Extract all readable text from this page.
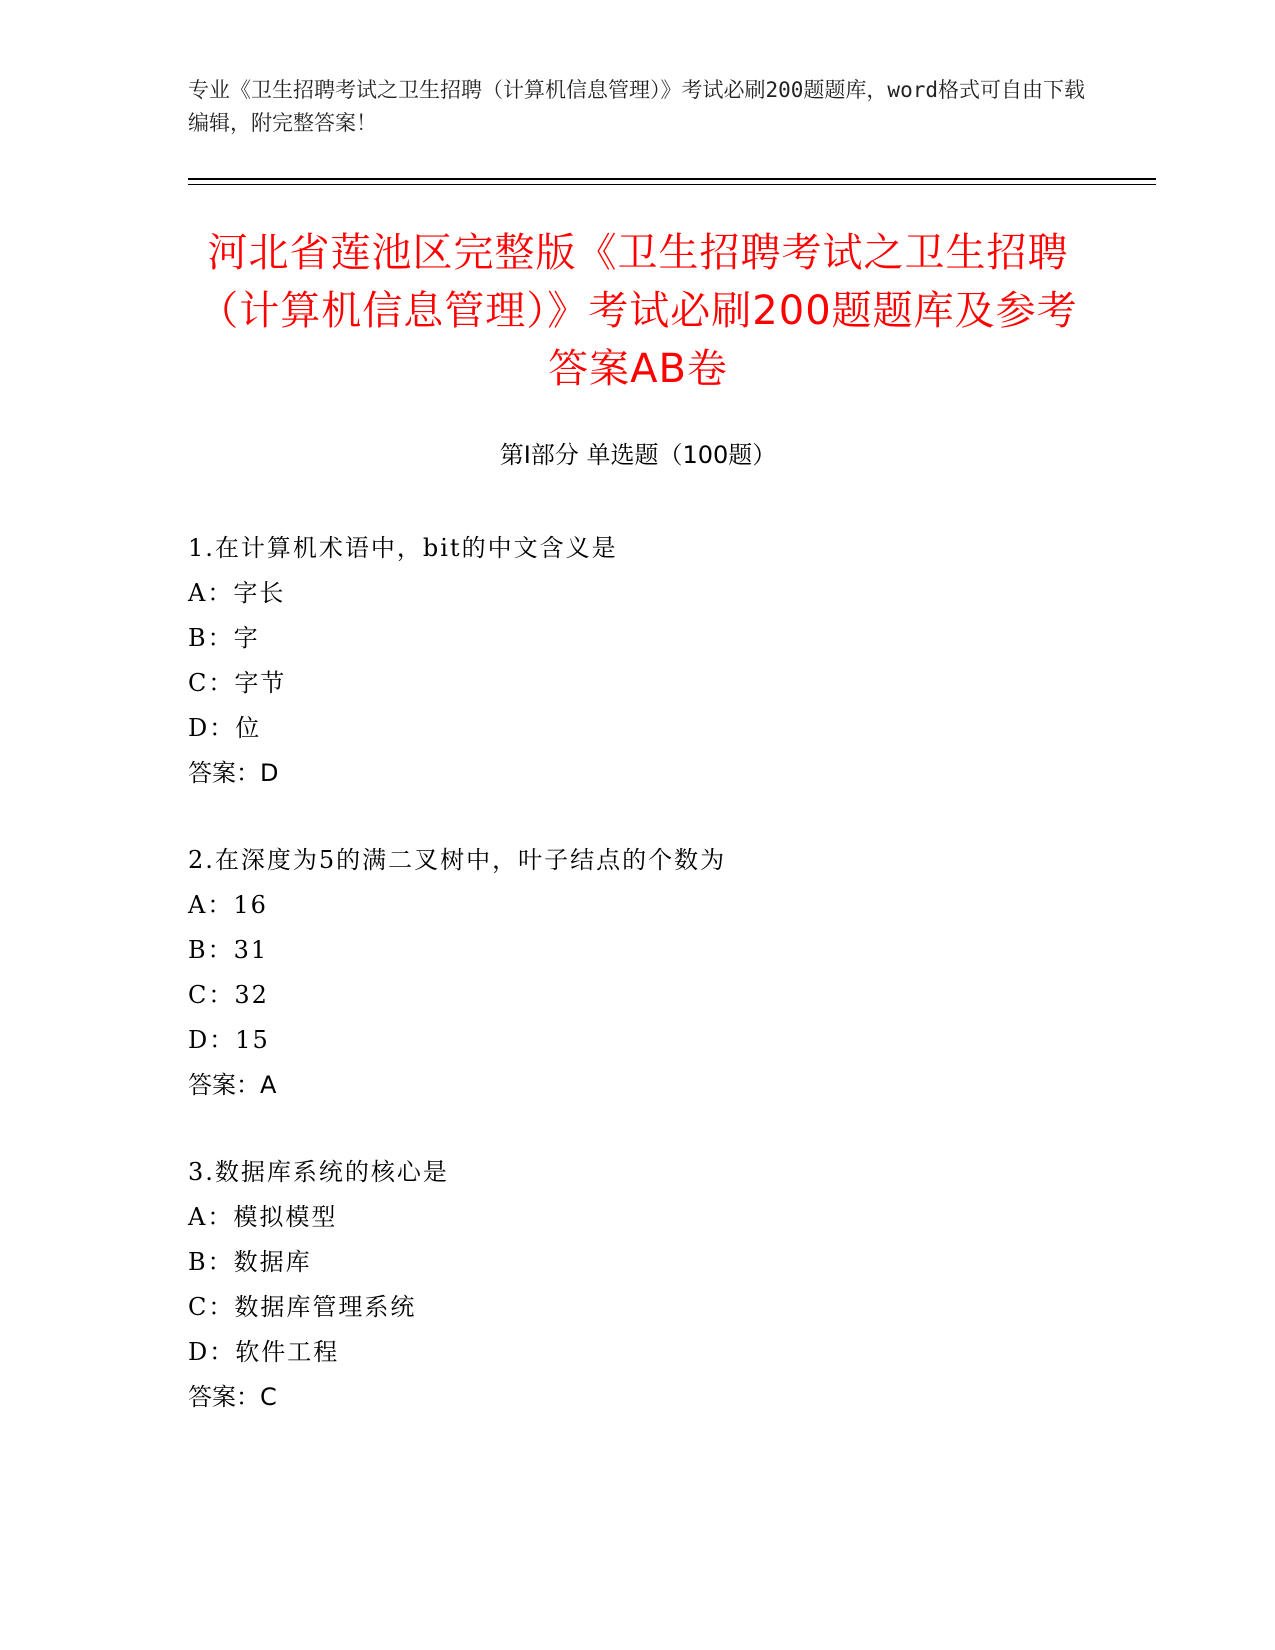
专业《卫生招聘考试之卫生招聘（计算机信息管理）》考试必刷200题题库，word格式可自由下载编辑，附完整答案！
河北省莲池区完整版《卫生招聘考试之卫生招聘（计算机信息管理）》考试必刷200题题库及参考答案AB卷
第Ⅰ部分 单选题（100题）
1.在计算机术语中，bit的中文含义是
A：字长
B：字
C：字节
D：位
答案：D
2.在深度为5的满二叉树中，叶子结点的个数为
A：16
B：31
C：32
D：15
答案：A
3.数据库系统的核心是
A：模拟模型
B：数据库
C：数据库管理系统
D：软件工程
答案：C
